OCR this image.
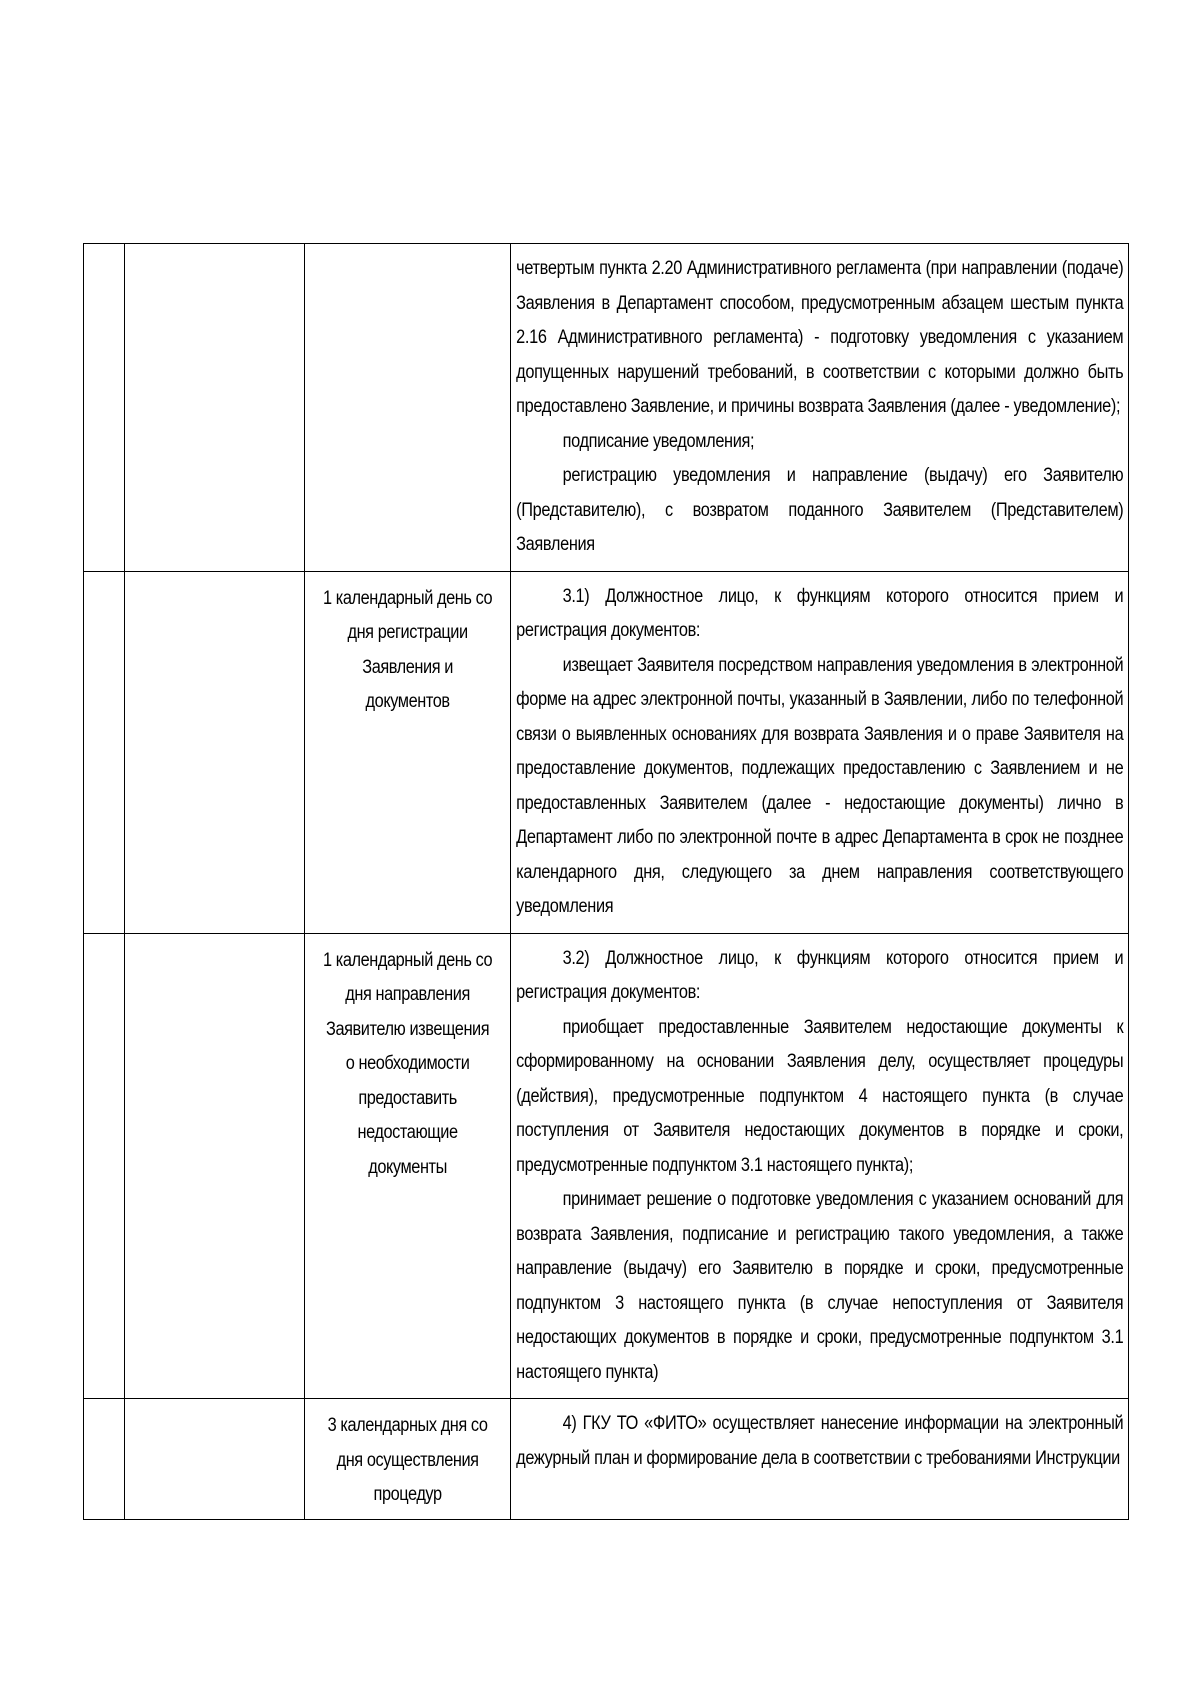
			четвертым пункта 2.20 Административного регламента (при направлении (подаче) Заявления в Департамент способом, предусмотренным абзацем шестым пункта 2.16 Административного регламента) - подготовку уведомления с указанием допущенных нарушений требований, в соответствии с которыми должно быть предоставлено Заявление, и причины возврата Заявления (далее - уведомление);

подписание уведомления;

регистрацию уведомления и направление (выдачу) его Заявителю (Представителю), с возвратом поданного Заявителем (Представителем) Заявления

		1 календарный день со дня регистрации Заявления и документов	3.1) Должностное лицо, к функциям которого относится прием и регистрация документов:

извещает Заявителя посредством направления уведомления в электронной форме на адрес электронной почты, указанный в Заявлении, либо по телефонной связи о выявленных основаниях для возврата Заявления и о праве Заявителя на предоставление документов, подлежащих предоставлению с Заявлением и не предоставленных Заявителем (далее - недостающие документы) лично в Департамент либо по электронной почте в адрес Департамента в срок не позднее календарного дня, следующего за днем направления соответствующего уведомления

		1 календарный день со дня направления Заявителю извещения о необходимости предоставить недостающие документы	3.2) Должностное лицо, к функциям которого относится прием и регистрация документов:

приобщает предоставленные Заявителем недостающие документы к сформированному на основании Заявления делу, осуществляет процедуры (действия), предусмотренные подпунктом 4 настоящего пункта (в случае поступления от Заявителя недостающих документов в порядке и сроки, предусмотренные подпунктом 3.1 настоящего пункта);

принимает решение о подготовке уведомления с указанием оснований для возврата Заявления, подписание и регистрацию такого уведомления, а также направление (выдачу) его Заявителю в порядке и сроки, предусмотренные подпунктом 3 настоящего пункта (в случае непоступления от Заявителя недостающих документов в порядке и сроки, предусмотренные подпунктом 3.1 настоящего пункта)

		3 календарных дня со дня осуществления процедур	4) ГКУ ТО «ФИТО» осуществляет нанесение информации на электронный дежурный план и формирование дела в соответствии с требованиями Инструкции
